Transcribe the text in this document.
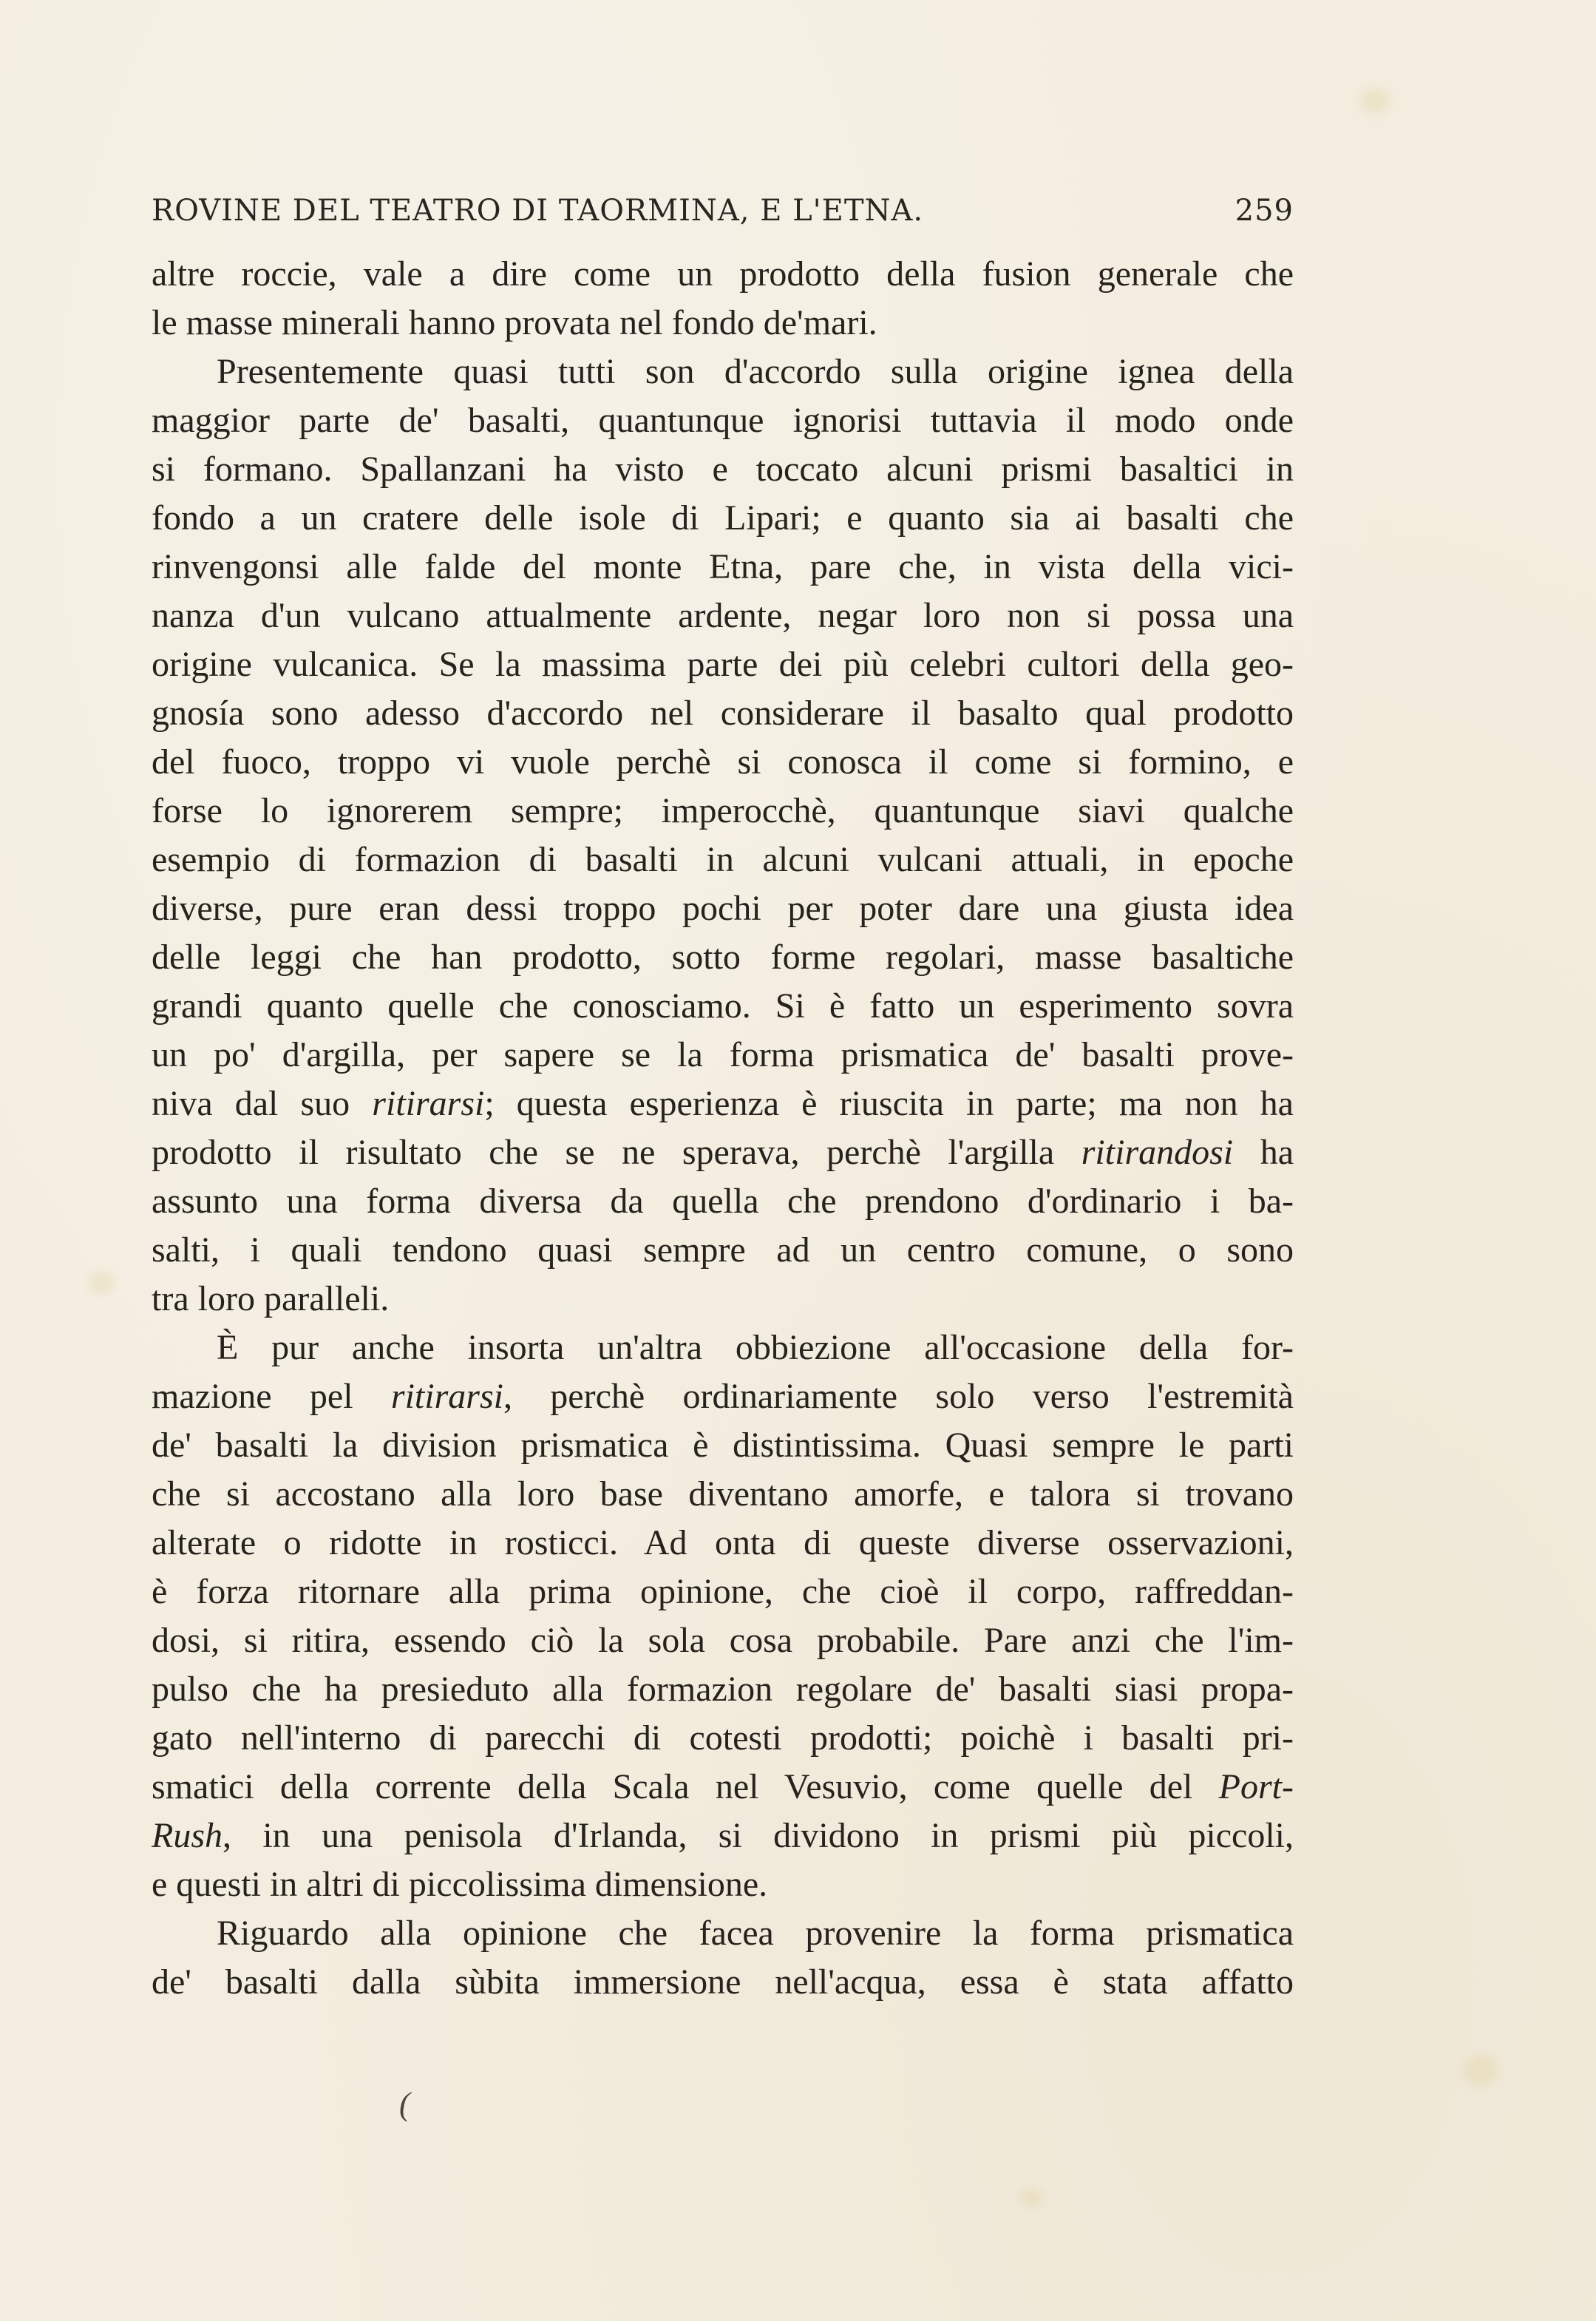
ROVINE DEL TEATRO DI TAORMINA, E L'ETNA.	259
altre roccie, vale a dire come un prodotto della fusion generale che
le masse minerali hanno provata nel fondo de'mari.
Presentemente quasi tutti son d'accordo sulla origine ignea della
maggior parte de' basalti, quantunque ignorisi tuttavia il modo onde
si formano. Spallanzani ha visto e toccato alcuni prismi basaltici in
fondo a un cratere delle isole di Lipari; e quanto sia ai basalti che
rinvengonsi alle falde del monte Etna, pare che, in vista della vici-
nanza d'un vulcano attualmente ardente, negar loro non si possa una
origine vulcanica. Se la massima parte dei più celebri cultori della geo-
gnosía sono adesso d'accordo nel considerare il basalto qual prodotto
del fuoco, troppo vi vuole perchè si conosca il come si formino, e
forse lo ignorerem sempre; imperocchè, quantunque siavi qualche
esempio di formazion di basalti in alcuni vulcani attuali, in epoche
diverse, pure eran dessi troppo pochi per poter dare una giusta idea
delle leggi che han prodotto, sotto forme regolari, masse basaltiche
grandi quanto quelle che conosciamo. Si è fatto un esperimento sovra
un po' d'argilla, per sapere se la forma prismatica de' basalti prove-
niva dal suo ritirarsi; questa esperienza è riuscita in parte; ma non ha
prodotto il risultato che se ne sperava, perchè l'argilla ritirandosi ha
assunto una forma diversa da quella che prendono d'ordinario i ba-
salti, i quali tendono quasi sempre ad un centro comune, o sono
tra loro paralleli.
È pur anche insorta un'altra obbiezione all'occasione della for-
mazione pel ritirarsi, perchè ordinariamente solo verso l'estremità
de' basalti la division prismatica è distintissima. Quasi sempre le parti
che si accostano alla loro base diventano amorfe, e talora si trovano
alterate o ridotte in rosticci. Ad onta di queste diverse osservazioni,
è forza ritornare alla prima opinione, che cioè il corpo, raffreddan-
dosi, si ritira, essendo ciò la sola cosa probabile. Pare anzi che l'im-
pulso che ha presieduto alla formazion regolare de' basalti siasi propa-
gato nell'interno di parecchi di cotesti prodotti; poichè i basalti pri-
smatici della corrente della Scala nel Vesuvio, come quelle del Port-
Rush, in una penisola d'Irlanda, si dividono in prismi più piccoli,
e questi in altri di piccolissima dimensione.
Riguardo alla opinione che facea provenire la forma prismatica
de' basalti dalla sùbita immersione nell'acqua, essa è stata affatto
(
